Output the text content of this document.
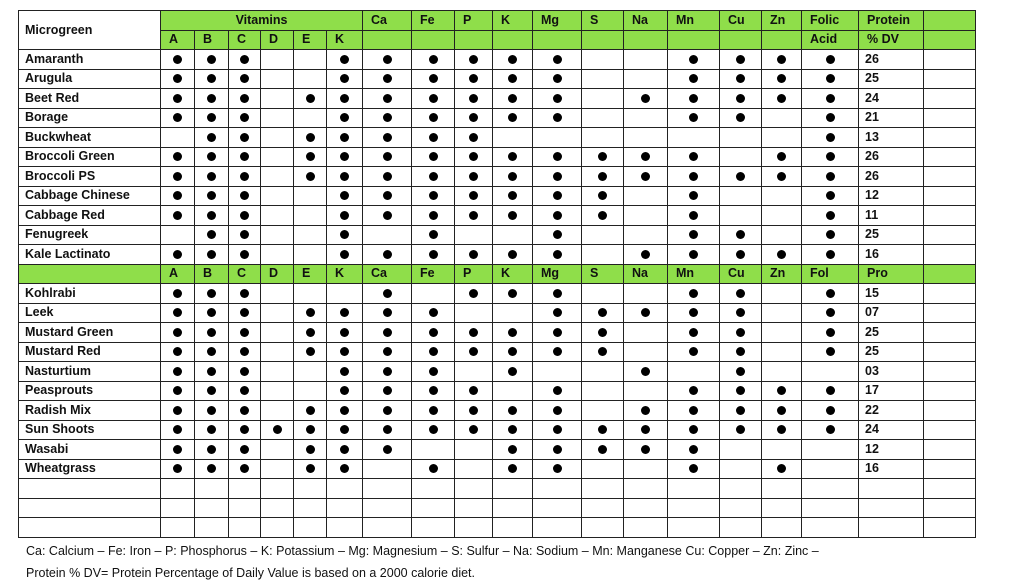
Microgreen	Vitamins						Ca	Fe	P	K	Mg	S	Na	Mn	Cu	Zn	Folic	Protein	
	A	B	C	D	E	K											Acid	% DV	
Amaranth																		26	
Arugula																		25	
Beet Red																		24	
Borage																		21	
Buckwheat																		13	
Broccoli Green																		26	
Broccoli PS																		26	
Cabbage Chinese																		12	
Cabbage Red																		11	
Fenugreek																		25	
Kale Lactinato																		16	
	A	B	C	D	E	K	Ca	Fe	P	K	Mg	S	Na	Mn	Cu	Zn	Fol	Pro	
Kohlrabi																		15	
Leek																		07	
Mustard Green																		25	
Mustard Red																		25	
Nasturtium																		03	
Peasprouts																		17	
Radish Mix																		22	
Sun Shoots																		24	
Wasabi																		12	
Wheatgrass																		16	

Ca: Calcium – Fe: Iron – P: Phosphorus – K: Potassium – Mg: Magnesium – S: Sulfur – Na: Sodium – Mn: Manganese Cu: Copper – Zn: Zinc –
Protein % DV= Protein Percentage of Daily Value is based on a 2000 calorie diet.
